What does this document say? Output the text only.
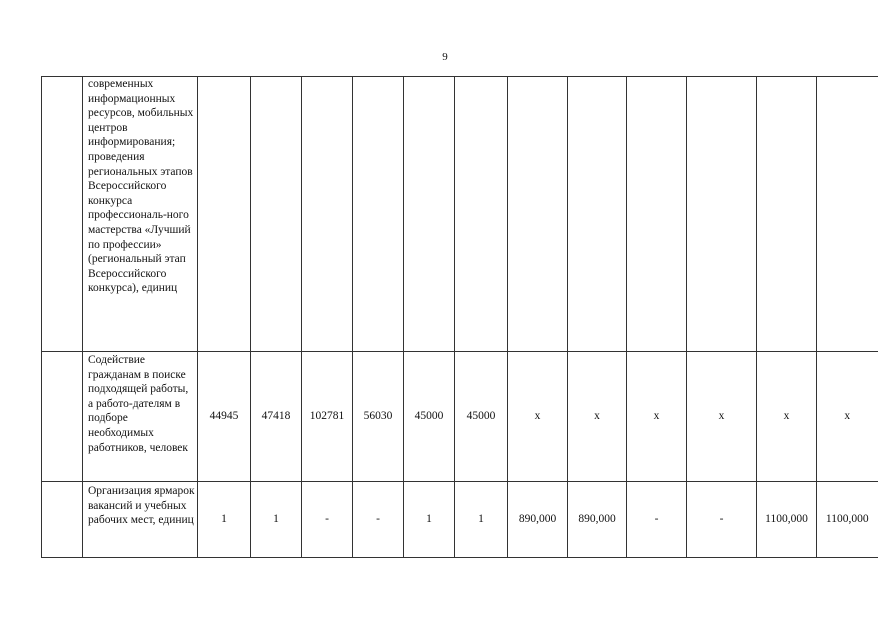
9
	современных информационных ресурсов, мобильных центров информирования; проведения региональных этапов Всероссийского конкурса профессиональ-ного мастерства «Лучший по профессии» (региональный этап Всероссийского конкурса), единиц												
	Содействие гражданам в поиске подходящей работы, а работо-дателям в подборе необходимых работников, человек	44945	47418	102781	56030	45000	45000	x	x	x	x	x	x
	Организация ярмарок вакансий и учебных рабочих мест, единиц	1	1	-	-	1	1	890,000	890,000	-	-	1100,000	1100,000
